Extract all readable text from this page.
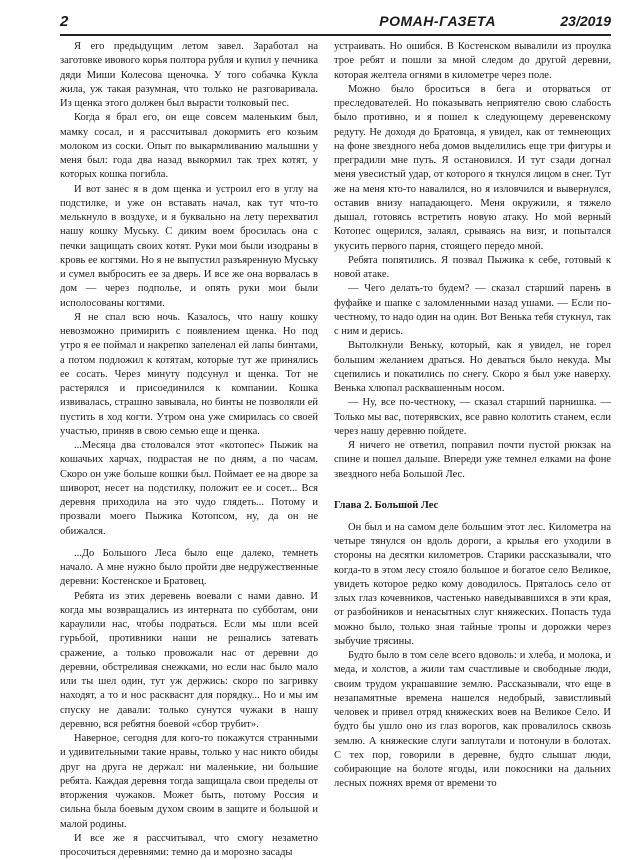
2	РОМАН-ГАЗЕТА	23/2019

Я его предыдущим летом завел. Заработал на заготовке ивового корья полтора рубля и купил у печника дяди Миши Колесова щеночка. У того собачка Кукла жила, уж такая разумная, что только не разговаривала. Из щенка этого должен был вырасти толковый пес.

Когда я брал его, он еще совсем маленьким был, мамку сосал, и я рассчитывал докормить его козьим молоком из соски. Опыт по выкармливанию малышни у меня был: года два назад выкормил так трех котят, у которых кошка погибла.

И вот занес я в дом щенка и устроил его в углу на подстилке, и уже он вставать начал, как тут что-то мелькнуло в воздухе, и я буквально на лету перехватил нашу кошку Муську. С диким воем бросилась она с печки защищать своих котят. Руки мои были изодраны в кровь ее когтями. Но я не выпустил разъяренную Муську и сумел выбросить ее за дверь. И все же она ворвалась в дом — через подполье, и опять руки мои были исполосованы когтями.

Я не спал всю ночь. Казалось, что нашу кошку невозможно примирить с появлением щенка. Но под утро я ее поймал и накрепко запеленал ей лапы бинтами, а потом подложил к котятам, которые тут же принялись ее сосать. Через минуту подсунул и щенка. Тот не растерялся и присоединился к компании. Кошка извивалась, страшно завывала, но бинты не позволяли ей пустить в ход когти. Утром она уже смирилась со своей участью, приняв в свою семью еще и щенка.

...Месяца два столовался этот «котопес» Пыжик на кошачьих харчах, подрастая не по дням, а по часам. Скоро он уже больше кошки был. Поймает ее на дворе за шиворот, несет на подстилку, положит ее и сосет... Вся деревня приходила на это чудо глядеть... Потому и прозвали моего Пыжика Котопсом, ну, да он не обижался.

...До Большого Леса было еще далеко, темнеть начало. А мне нужно было пройти две недружественные деревни: Костенское и Братовец.

Ребята из этих деревень воевали с нами давно. И когда мы возвращались из интерната по субботам, они караулили нас, чтобы подраться. Если мы шли всей гурьбой, противники наши не решались затевать сражение, а только провожали нас от деревни до деревни, обстреливая снежками, но если нас было мало или ты шел один, тут уж держись: скоро по загривку находят, а то и нос раскваснт для порядку... Но и мы им спуску не давали: только сунутся чужаки в нашу деревню, вся ребятня боевой «сбор трубит».

Наверное, сегодня для кого-то покажутся странными и удивительными такие нравы, только у нас никто обиды друг на друга не держал: ни маленькие, ни большие ребята. Каждая деревня тогда защищала свои пределы от вторжения чужаков. Может быть, потому Россия и сильна была боевым духом своим в защите и большой и малой родины.

И все же я рассчитывал, что смогу незаметно просочиться деревнями: темно да и морозно засады

устраивать. Но ошибся. В Костенском вывалили из проулка трое ребят и пошли за мной следом до другой деревни, которая желтела огнями в километре через поле.

Можно было броситься в бега и оторваться от преследователей. Но показывать неприятелю свою слабость было противно, и я пошел к следующему деревенскому редуту. Не доходя до Братовца, я увидел, как от темнеющих на фоне звездного неба домов выделились еще три фигуры и преградили мне путь. Я остановился. И тут сзади догнал меня увесистый удар, от которого я ткнулся лицом в снег. Тут же на меня кто-то навалился, но я изловчился и вывернулся, оставив внизу нападающего. Меня окружили, я тяжело дышал, готовясь встретить новую атаку. Но мой верный Котопес ощерился, залаял, срываясь на визг, и попытался укусить первого парня, стоящего передо мной.

Ребята попятились. Я позвал Пыжика к себе, готовый к новой атаке.

— Чего делать-то будем? — сказал старший парень в фуфайке и шапке с заломленными назад ушами. — Если по-честному, то надо один на один. Вот Венька тебя стукнул, так с ним и дерись.

Вытолкнули Веньку, который, как я увидел, не горел большим желанием драться. Но деваться было некуда. Мы сцепились и покатились по снегу. Скоро я был уже наверху. Венька хлюпал расквашенным носом.

— Ну, все по-честноку, — сказал старший парнишка. — Только мы вас, потерявских, все равно колотить станем, если через нашу деревню пойдете.

Я ничего не ответил, поправил почти пустой рюкзак на спине и пошел дальше. Впереди уже темнел елками на фоне звездного неба Большой Лес.

Глава 2. Большой Лес

Он был и на самом деле большим этот лес. Километра на четыре тянулся он вдоль дороги, а крылья его уходили в стороны на десятки километров. Старики рассказывали, что когда-то в этом лесу стояло большое и богатое село Великое, увидеть которое редко кому доводилось. Пряталось село от злых глаз кочевников, частенько наведывавшихся в эти края, от разбойников и ненасытных слуг княжеских. Попасть туда можно было, только зная тайные тропы и дорожки через зыбучие трясины.

Будто было в том селе всего вдоволь: и хлеба, и молока, и меда, и холстов, а жили там счастливые и свободные люди, своим трудом украшавшие землю. Рассказывали, что еще в незапамятные времена нашелся недобрый, завистливый человек и привел отряд княжеских воев на Великое Село. И будто бы ушло оно из глаз ворогов, как провалилось сквозь землю. А княжеские слуги заплутали и потонули в болотах. С тех пор, говорили в деревне, будто слышат люди, собирающие на болоте ягоды, или покосники на дальних лесных пожнях время от времени то
